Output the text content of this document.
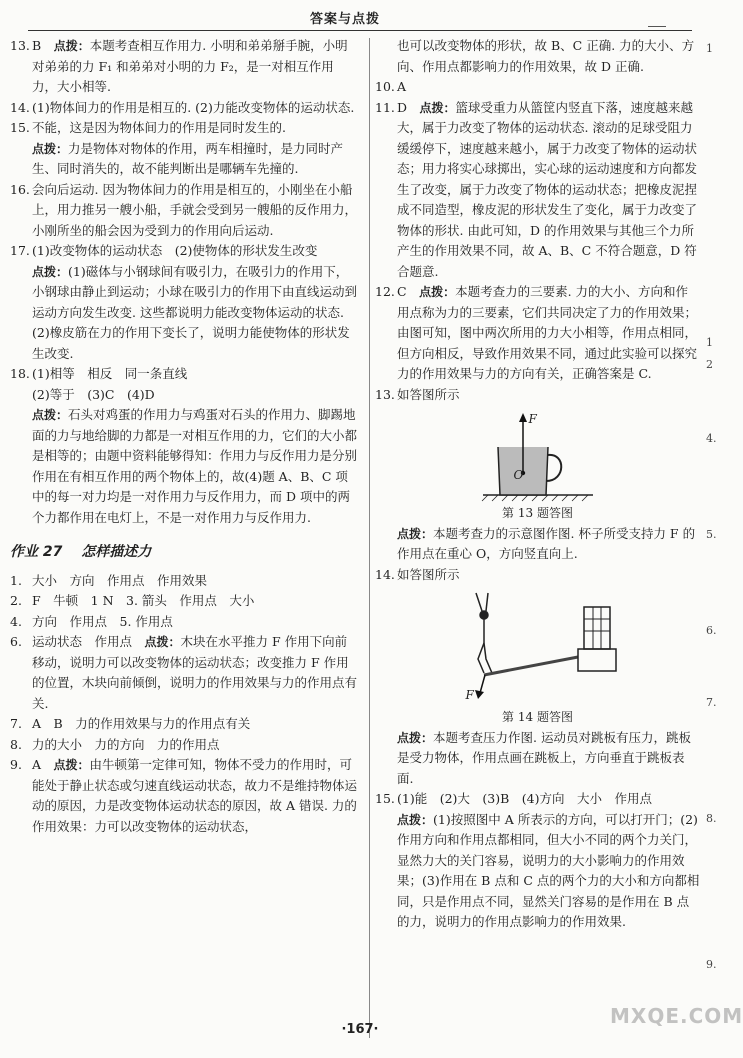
答案与点拨
13. B　点拨：本题考查相互作用力. 小明和弟弟掰手腕，小明对弟弟的力 F₁ 和弟弟对小明的力 F₂，是一对相互作用力，大小相等.
14. (1)物体间力的作用是相互的. (2)力能改变物体的运动状态.
15. 不能，这是因为物体间力的作用是同时发生的.
点拨：力是物体对物体的作用，两车相撞时，是力同时产生、同时消失的，故不能判断出是哪辆车先撞的.
16. 会向后运动. 因为物体间力的作用是相互的，小刚坐在小船上，用力推另一艘小船，手就会受到另一艘船的反作用力，小刚所坐的船会因为受到力的作用向后运动.
17. (1)改变物体的运动状态　(2)使物体的形状发生改变
点拨：(1)磁体与小钢球间有吸引力，在吸引力的作用下，小钢球由静止到运动；小球在吸引力的作用下由直线运动到运动方向发生改变. 这些都说明力能改变物体运动的状态. (2)橡皮筋在力的作用下变长了，说明力能使物体的形状发生改变.
18. (1)相等　相反　同一条直线
(2)等于　(3)C　(4)D
点拨：石头对鸡蛋的作用力与鸡蛋对石头的作用力、脚踢地面的力与地给脚的力都是一对相互作用的力，它们的大小都是相等的；由题中资料能够得知：作用力与反作用力是分别作用在有相互作用的两个物体上的，故(4)题 A、B、C 项中的每一对力均是一对作用力与反作用力，而 D 项中的两个力都作用在电灯上，不是一对作用力与反作用力.
作业 27　 怎样描述力
1. 大小　方向　作用点　作用效果
2. F　牛顿　1 N　3. 箭头　作用点　大小
4. 方向　作用点　5. 作用点
6. 运动状态　作用点　点拨：木块在水平推力 F 作用下向前移动，说明力可以改变物体的运动状态；改变推力 F 作用的位置，木块向前倾倒，说明力的作用效果与力的作用点有关.
7. A　B　力的作用效果与力的作用点有关
8. 力的大小　力的方向　力的作用点
9. A　点拨：由牛顿第一定律可知，物体不受力的作用时，可能处于静止状态或匀速直线运动状态，故力不是维持物体运动的原因，力是改变物体运动状态的原因，故 A 错误. 力的作用效果：力可以改变物体的运动状态，
也可以改变物体的形状，故 B、C 正确. 力的大小、方向、作用点都影响力的作用效果，故 D 正确.
10. A
11. D　点拨：篮球受重力从篮筐内竖直下落，速度越来越大，属于力改变了物体的运动状态. 滚动的足球受阻力缓缓停下，速度越来越小，属于力改变了物体的运动状态；用力将实心球掷出，实心球的运动速度和方向都发生了改变，属于力改变了物体的运动状态；把橡皮泥捏成不同造型，橡皮泥的形状发生了变化，属于力改变了物体的形状. 由此可知，D 的作用效果与其他三个力所产生的作用效果不同，故 A、B、C 不符合题意，D 符合题意.
12. C　点拨：本题考查力的三要素. 力的大小、方向和作用点称为力的三要素，它们共同决定了力的作用效果；由图可知，图中两次所用的力大小相等，作用点相同，但方向相反，导致作用效果不同，通过此实验可以探究力的作用效果与力的方向有关，正确答案是 C.
13. 如答图所示
F
O
第 13 题答图
点拨：本题考查力的示意图作图. 杯子所受支持力 F 的作用点在重心 O，方向竖直向上.
14. 如答图所示
F
第 14 题答图
点拨：本题考查压力作图. 运动员对跳板有压力，跳板是受力物体，作用点画在跳板上，方向垂直于跳板表面.
15. (1)能　(2)大　(3)B　(4)方向　大小　作用点
点拨：(1)按照图中 A 所表示的方向，可以打开门；(2)作用方向和作用点都相同，但大小不同的两个力关门，显然力大的关门容易，说明力的大小影响力的作用效果；(3)作用在 B 点和 C 点的两个力的大小和方向都相同，只是作用点不同，显然关门容易的是作用在 B 点的力，说明力的作用点影响力的作用效果.
·167·
MXQE.COM
1
1
2
4.
5.
6.
7.
8.
9.
